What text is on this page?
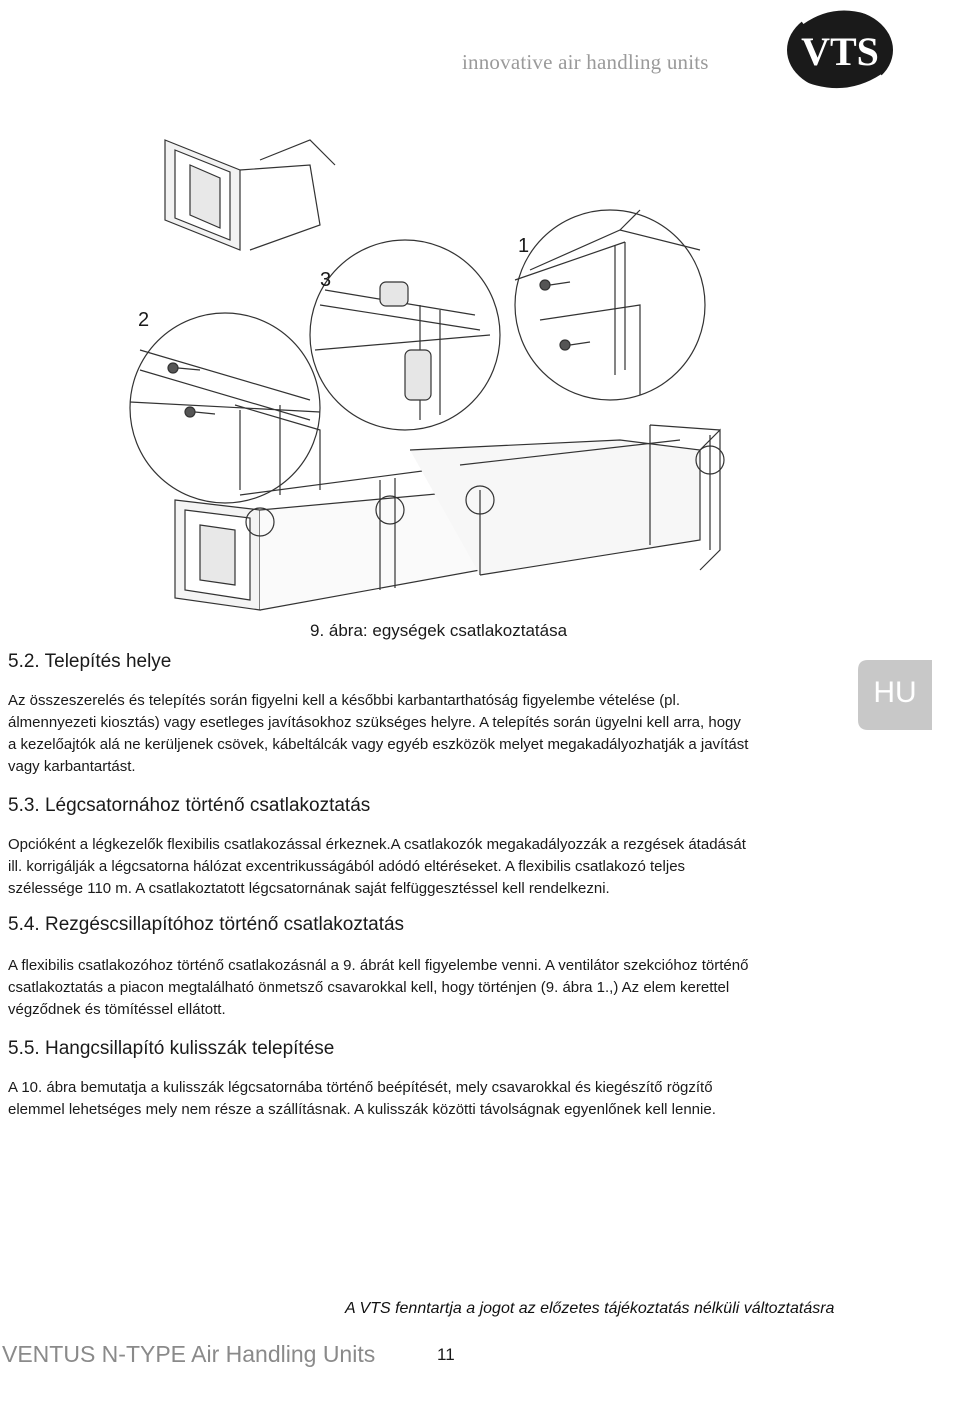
innovative air handling units VTS
1
2
3
9. ábra: egységek csatlakoztatása
5.2. Telepítés helye
Az összeszerelés és telepítés során figyelni kell a későbbi karbantarthatóság figyelembe vételése (pl.
álmennyezeti kiosztás) vagy esetleges javításokhoz szükséges helyre. A telepítés során ügyelni kell arra, hogy
a kezelőajtók alá ne kerüljenek csövek, kábeltálcák vagy egyéb eszközök melyet megakadályozhatják a javítást
vagy karbantartást.
HU
5.3. Légcsatornához történő csatlakoztatás
Opcióként a légkezelők flexibilis csatlakozással érkeznek.A csatlakozók megakadályozzák a rezgések átadását
ill. korrigálják a légcsatorna hálózat excentrikusságából adódó eltéréseket. A flexibilis csatlakozó teljes
szélessége 110 m. A csatlakoztatott légcsatornának saját felfüggesztéssel kell rendelkezni.
5.4. Rezgéscsillapítóhoz történő csatlakoztatás
A flexibilis csatlakozóhoz történő csatlakozásnál a 9. ábrát kell figyelembe venni. A ventilátor szekcióhoz történő
csatlakoztatás a piacon megtalálható önmetsző csavarokkal kell, hogy történjen (9. ábra 1.,) Az elem kerettel
végződnek és tömítéssel ellátott.
5.5. Hangcsillapító kulisszák telepítése
A 10. ábra bemutatja a kulisszák légcsatornába történő beépítését, mely csavarokkal és kiegészítő rögzítő
elemmel lehetséges mely nem része a szállításnak. A kulisszák közötti távolságnak egyenlőnek kell lennie.
A VTS fenntartja a jogot az előzetes tájékoztatás nélküli változtatásra
VENTUS N-TYPE Air Handling Units	11
